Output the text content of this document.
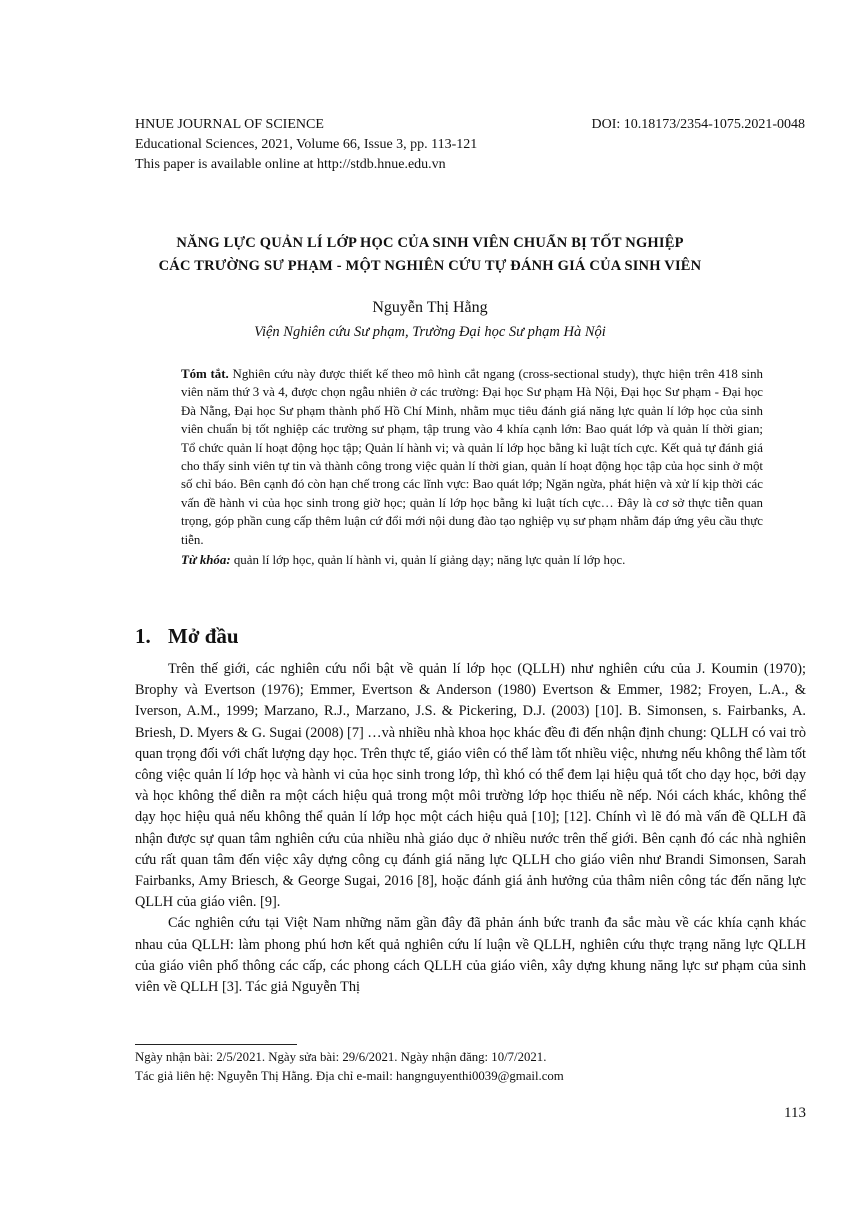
HNUE JOURNAL OF SCIENCE	DOI: 10.18173/2354-1075.2021-0048
Educational Sciences, 2021, Volume 66, Issue 3, pp. 113-121
This paper is available online at http://stdb.hnue.edu.vn
NĂNG LỰC QUẢN LÍ LỚP HỌC CỦA SINH VIÊN CHUẨN BỊ TỐT NGHIỆP
CÁC TRƯỜNG SƯ PHẠM - MỘT NGHIÊN CỨU TỰ ĐÁNH GIÁ CỦA SINH VIÊN
Nguyễn Thị Hằng
Viện Nghiên cứu Sư phạm, Trường Đại học Sư phạm Hà Nội

Tóm tắt. Nghiên cứu này được thiết kế theo mô hình cắt ngang (cross-sectional study), thực hiện trên 418 sinh viên năm thứ 3 và 4, được chọn ngẫu nhiên ở các trường: Đại học Sư phạm Hà Nội, Đại học Sư phạm - Đại học Đà Nẵng, Đại học Sư phạm thành phố Hồ Chí Minh, nhằm mục tiêu đánh giá năng lực quản lí lớp học của sinh viên chuẩn bị tốt nghiệp các trường sư phạm, tập trung vào 4 khía cạnh lớn: Bao quát lớp và quản lí thời gian; Tổ chức quản lí hoạt động học tập; Quản lí hành vi; và quản lí lớp học bằng kỉ luật tích cực. Kết quả tự đánh giá cho thấy sinh viên tự tin và thành công trong việc quản lí thời gian, quản lí hoạt động học tập của học sinh ở một số chỉ báo. Bên cạnh đó còn hạn chế trong các lĩnh vực: Bao quát lớp; Ngăn ngừa, phát hiện và xử lí kịp thời các vấn đề hành vi của học sinh trong giờ học; quản lí lớp học bằng kỉ luật tích cực… Đây là cơ sở thực tiễn quan trọng, góp phần cung cấp thêm luận cứ đổi mới nội dung đào tạo nghiệp vụ sư phạm nhằm đáp ứng yêu cầu thực tiễn.

Từ khóa: quản lí lớp học, quản lí hành vi, quản lí giảng dạy; năng lực quản lí lớp học.

1. Mở đầu

Trên thế giới, các nghiên cứu nổi bật về quản lí lớp học (QLLH) như nghiên cứu của J. Koumin (1970); Brophy và Evertson (1976); Emmer, Evertson & Anderson (1980) Evertson & Emmer, 1982; Froyen, L.A., & Iverson, A.M., 1999; Marzano, R.J., Marzano, J.S. & Pickering, D.J. (2003) [10]. B. Simonsen, s. Fairbanks, A. Briesh, D. Myers & G. Sugai (2008) [7] …và nhiều nhà khoa học khác đều đi đến nhận định chung: QLLH có vai trò quan trọng đối với chất lượng dạy học. Trên thực tế, giáo viên có thể làm tốt nhiều việc, nhưng nếu không thể làm tốt công việc quản lí lớp học và hành vi của học sinh trong lớp, thì khó có thể đem lại hiệu quả tốt cho dạy học, bởi dạy và học không thể diễn ra một cách hiệu quả trong một môi trường lớp học thiếu nề nếp. Nói cách khác, không thể dạy học hiệu quả nếu không thể quản lí lớp học một cách hiệu quả [10]; [12]. Chính vì lẽ đó mà vấn đề QLLH đã nhận được sự quan tâm nghiên cứu của nhiều nhà giáo dục ở nhiều nước trên thế giới. Bên cạnh đó các nhà nghiên cứu rất quan tâm đến việc xây dựng công cụ đánh giá năng lực QLLH cho giáo viên như Brandi Simonsen, Sarah Fairbanks, Amy Briesch, & George Sugai, 2016 [8], hoặc đánh giá ảnh hưởng của thâm niên công tác đến năng lực QLLH của giáo viên. [9].

Các nghiên cứu tại Việt Nam những năm gần đây đã phản ánh bức tranh đa sắc màu về các khía cạnh khác nhau của QLLH: làm phong phú hơn kết quả nghiên cứu lí luận về QLLH, nghiên cứu thực trạng năng lực QLLH của giáo viên phổ thông các cấp, các phong cách QLLH của giáo viên, xây dựng khung năng lực sư phạm của sinh viên về QLLH [3]. Tác giả Nguyễn Thị

Ngày nhận bài: 2/5/2021. Ngày sửa bài: 29/6/2021. Ngày nhận đăng: 10/7/2021.
Tác giả liên hệ: Nguyễn Thị Hằng. Địa chỉ e-mail: hangnguyenthi0039@gmail.com
113
